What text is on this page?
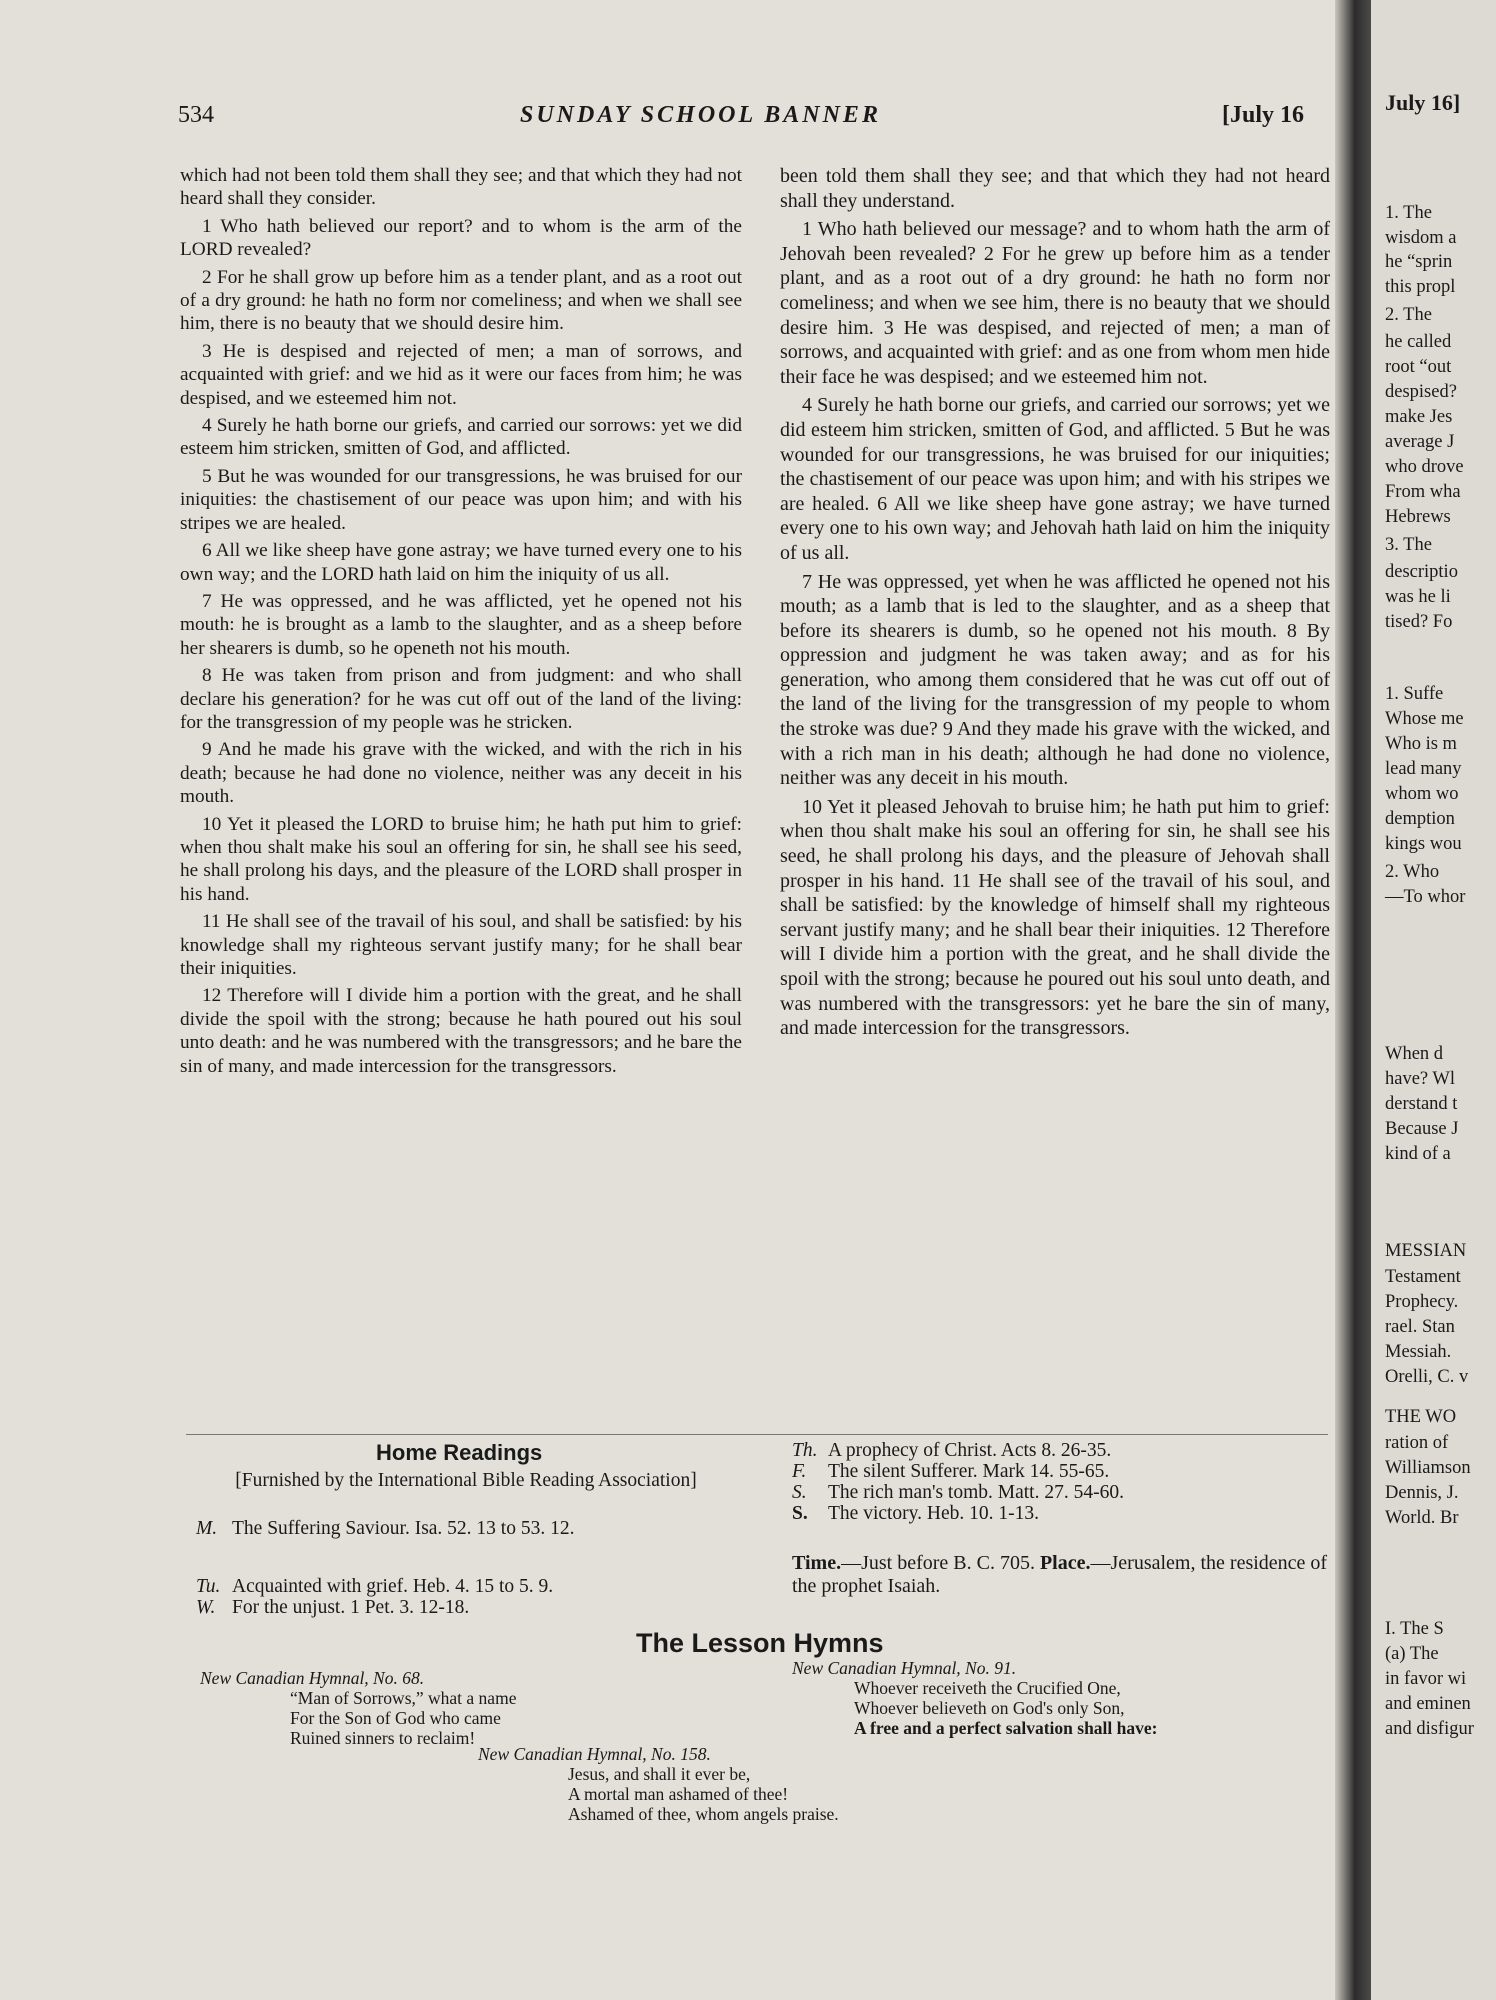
534	SUNDAY SCHOOL BANNER	[July 16

which had not been told them shall they see; and that which they had not heard shall they consider.

1 Who hath believed our report? and to whom is the arm of the LORD revealed?

2 For he shall grow up before him as a tender plant, and as a root out of a dry ground: he hath no form nor comeliness; and when we shall see him, there is no beauty that we should desire him.

3 He is despised and rejected of men; a man of sorrows, and acquainted with grief: and we hid as it were our faces from him; he was despised, and we esteemed him not.

4 Surely he hath borne our griefs, and carried our sorrows: yet we did esteem him stricken, smitten of God, and afflicted.

5 But he was wounded for our transgressions, he was bruised for our iniquities: the chastisement of our peace was upon him; and with his stripes we are healed.

6 All we like sheep have gone astray; we have turned every one to his own way; and the LORD hath laid on him the iniquity of us all.

7 He was oppressed, and he was afflicted, yet he opened not his mouth: he is brought as a lamb to the slaughter, and as a sheep before her shearers is dumb, so he openeth not his mouth.

8 He was taken from prison and from judgment: and who shall declare his generation? for he was cut off out of the land of the living: for the transgression of my people was he stricken.

9 And he made his grave with the wicked, and with the rich in his death; because he had done no violence, neither was any deceit in his mouth.

10 Yet it pleased the LORD to bruise him; he hath put him to grief: when thou shalt make his soul an offering for sin, he shall see his seed, he shall prolong his days, and the pleasure of the LORD shall prosper in his hand.

11 He shall see of the travail of his soul, and shall be satisfied: by his knowledge shall my righteous servant justify many; for he shall bear their iniquities.

12 Therefore will I divide him a portion with the great, and he shall divide the spoil with the strong; because he hath poured out his soul unto death: and he was numbered with the transgressors; and he bare the sin of many, and made intercession for the transgressors.

been told them shall they see; and that which they had not heard shall they understand.

1 Who hath believed our message? and to whom hath the arm of Jehovah been revealed? 2 For he grew up before him as a tender plant, and as a root out of a dry ground: he hath no form nor comeliness; and when we see him, there is no beauty that we should desire him. 3 He was despised, and rejected of men; a man of sorrows, and acquainted with grief: and as one from whom men hide their face he was despised; and we esteemed him not.

4 Surely he hath borne our griefs, and carried our sorrows; yet we did esteem him stricken, smitten of God, and afflicted. 5 But he was wounded for our transgressions, he was bruised for our iniquities; the chastisement of our peace was upon him; and with his stripes we are healed. 6 All we like sheep have gone astray; we have turned every one to his own way; and Jehovah hath laid on him the iniquity of us all.

7 He was oppressed, yet when he was afflicted he opened not his mouth; as a lamb that is led to the slaughter, and as a sheep that before its shearers is dumb, so he opened not his mouth. 8 By oppression and judgment he was taken away; and as for his generation, who among them considered that he was cut off out of the land of the living for the transgression of my people to whom the stroke was due? 9 And they made his grave with the wicked, and with a rich man in his death; although he had done no violence, neither was any deceit in his mouth.

10 Yet it pleased Jehovah to bruise him; he hath put him to grief: when thou shalt make his soul an offering for sin, he shall see his seed, he shall prolong his days, and the pleasure of Jehovah shall prosper in his hand. 11 He shall see of the travail of his soul, and shall be satisfied: by the knowledge of himself shall my righteous servant justify many; and he shall bear their iniquities. 12 Therefore will I divide him a portion with the great, and he shall divide the spoil with the strong; because he poured out his soul unto death, and was numbered with the transgressors: yet he bare the sin of many, and made intercession for the transgressors.

Home Readings
[Furnished by the International Bible Reading Association]
M. The Suffering Saviour. Isa. 52. 13 to 53. 12.
Tu. Acquainted with grief. Heb. 4. 15 to 5. 9.
W. For the unjust. 1 Pet. 3. 12-18.
Th. A prophecy of Christ. Acts 8. 26-35.
F. The silent Sufferer. Mark 14. 55-65.
S. The rich man's tomb. Matt. 27. 54-60.
S. The victory. Heb. 10. 1-13.
Time.—Just before B. C. 705. Place.—Jerusalem, the residence of the prophet Isaiah.
The Lesson Hymns
New Canadian Hymnal, No. 68.
“Man of Sorrows,” what a name
For the Son of God who came
Ruined sinners to reclaim!
New Canadian Hymnal, No. 91.
Whoever receiveth the Crucified One,
Whoever believeth on God's only Son,
A free and a perfect salvation shall have:
New Canadian Hymnal, No. 158.
Jesus, and shall it ever be,
A mortal man ashamed of thee!
Ashamed of thee, whom angels praise.
July 16]
1. The
wisdom a
he “sprin
this propl
2. The
he called
root “out
despised?
make Jes
average J
who drove
From wha
Hebrews
3. The
descriptio
was he li
tised? Fo
1. Suffe
Whose me
Who is m
lead many
whom wo
demption
kings wou
2. Who
—To whor
When d
have? Wl
derstand t
Because J
kind of a
MESSIAN
Testament
Prophecy.
rael. Stan
Messiah.
Orelli, C. v
THE WO
ration of
Williamson
Dennis, J.
World. Br
I. The S
(a) The
in favor wi
and eminen
and disfigur
